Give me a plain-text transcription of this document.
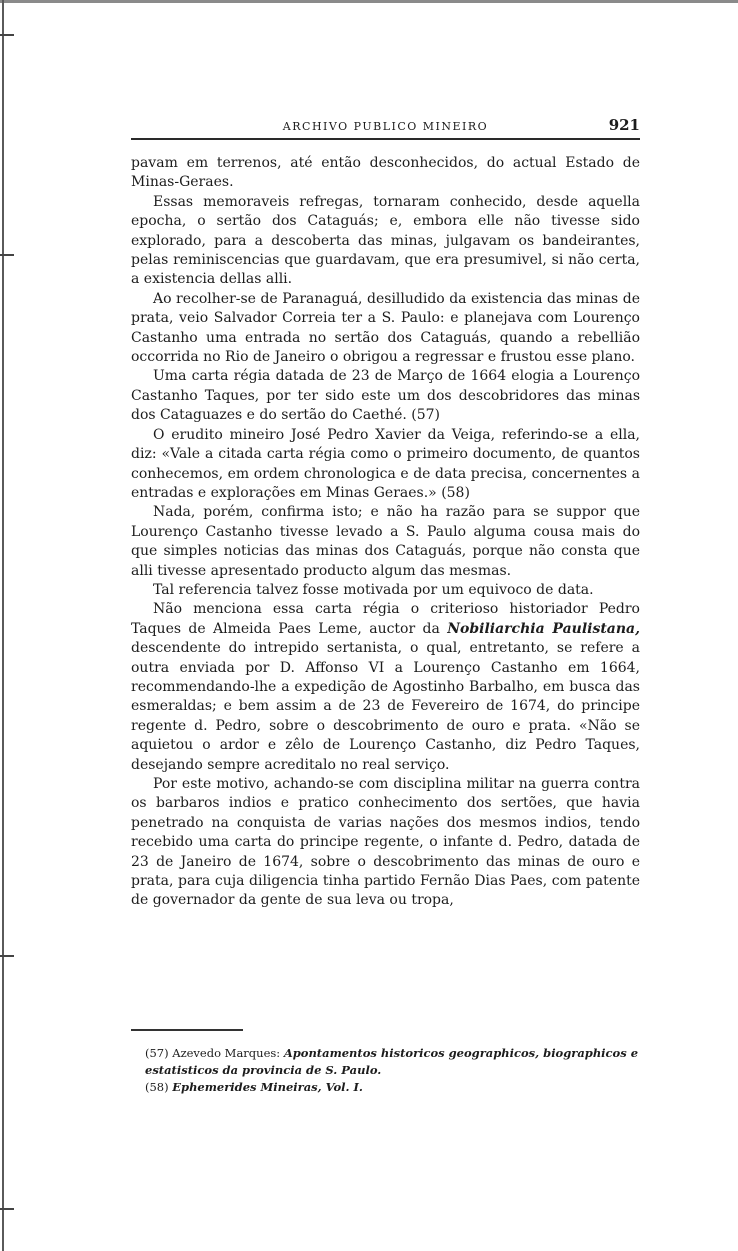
ARCHIVO PUBLICO MINEIRO	921

pavam em terrenos, até então desconhecidos, do actual Estado de Minas-Geraes.

Essas memoraveis refregas, tornaram conhecido, desde aquella epocha, o sertão dos Cataguás; e, embora elle não tivesse sido explorado, para a descoberta das minas, julgavam os bandeirantes, pelas reminiscencias que guardavam, que era presumivel, si não certa, a existencia dellas alli.

Ao recolher-se de Paranaguá, desilludido da existencia das minas de prata, veio Salvador Correia ter a S. Paulo: e planejava com Lourenço Castanho uma entrada no sertão dos Cataguás, quando a rebellião occorrida no Rio de Janeiro o obrigou a regressar e frustou esse plano.

Uma carta régia datada de 23 de Março de 1664 elogia a Lourenço Castanho Taques, por ter sido este um dos descobridores das minas dos Cataguazes e do sertão do Caethé. (57)

O erudito mineiro José Pedro Xavier da Veiga, referindo-se a ella, diz: «Vale a citada carta régia como o primeiro documento, de quantos conhecemos, em ordem chronologica e de data precisa, concernentes a entradas e explorações em Minas Geraes.» (58)

Nada, porém, confirma isto; e não ha razão para se suppor que Lourenço Castanho tivesse levado a S. Paulo alguma cousa mais do que simples noticias das minas dos Cataguás, porque não consta que alli tivesse apresentado producto algum das mesmas.

Tal referencia talvez fosse motivada por um equivoco de data.

Não menciona essa carta régia o criterioso historiador Pedro Taques de Almeida Paes Leme, auctor da Nobiliarchia Paulistana, descendente do intrepido sertanista, o qual, entretanto, se refere a outra enviada por D. Affonso VI a Lourenço Castanho em 1664, recommendando-lhe a expedição de Agostinho Barbalho, em busca das esmeraldas; e bem assim a de 23 de Fevereiro de 1674, do principe regente d. Pedro, sobre o descobrimento de ouro e prata. «Não se aquietou o ardor e zêlo de Lourenço Castanho, diz Pedro Taques, desejando sempre acreditalo no real serviço.

Por este motivo, achando-se com disciplina militar na guerra contra os barbaros indios e pratico conhecimento dos sertões, que havia penetrado na conquista de varias nações dos mesmos indios, tendo recebido uma carta do principe regente, o infante d. Pedro, datada de 23 de Janeiro de 1674, sobre o descobrimento das minas de ouro e prata, para cuja diligencia tinha partido Fernão Dias Paes, com patente de governador da gente de sua leva ou tropa,

(57) Azevedo Marques: Apontamentos historicos geographicos, biographicos e estatisticos da provincia de S. Paulo.

(58) Ephemerides Mineiras, Vol. I.
